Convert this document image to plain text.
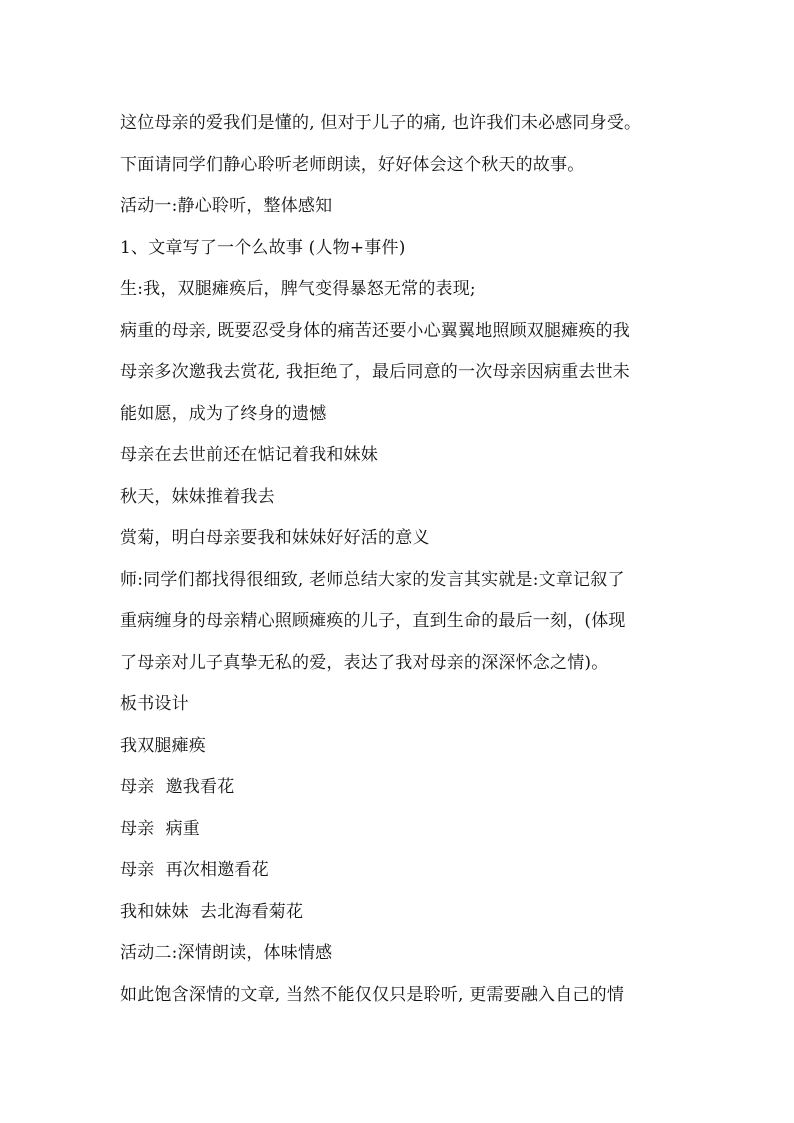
这位母亲的爱我们是懂的, 但对于儿子的痛, 也许我们未必感同身受。
下面请同学们静心聆听老师朗读，好好体会这个秋天的故事。
活动一:静心聆听，整体感知
1、文章写了一个么故事 (人物+事件)
生:我，双腿瘫痪后，脾气变得暴怒无常的表现;
病重的母亲, 既要忍受身体的痛苦还要小心翼翼地照顾双腿瘫痪的我
母亲多次邀我去赏花, 我拒绝了，最后同意的一次母亲因病重去世未
能如愿，成为了终身的遗憾
母亲在去世前还在惦记着我和妹妹
秋天，妹妹推着我去
赏菊，明白母亲要我和妹妹好好活的意义
师:同学们都找得很细致, 老师总结大家的发言其实就是:文章记叙了
重病缠身的母亲精心照顾瘫痪的儿子，直到生命的最后一刻，(体现
了母亲对儿子真挚无私的爱，表达了我对母亲的深深怀念之情)。
板书设计
我双腿瘫痪
母亲  邀我看花
母亲  病重
母亲  再次相邀看花
我和妹妹  去北海看菊花
活动二:深情朗读，体味情感
如此饱含深情的文章, 当然不能仅仅只是聆听, 更需要融入自己的情
